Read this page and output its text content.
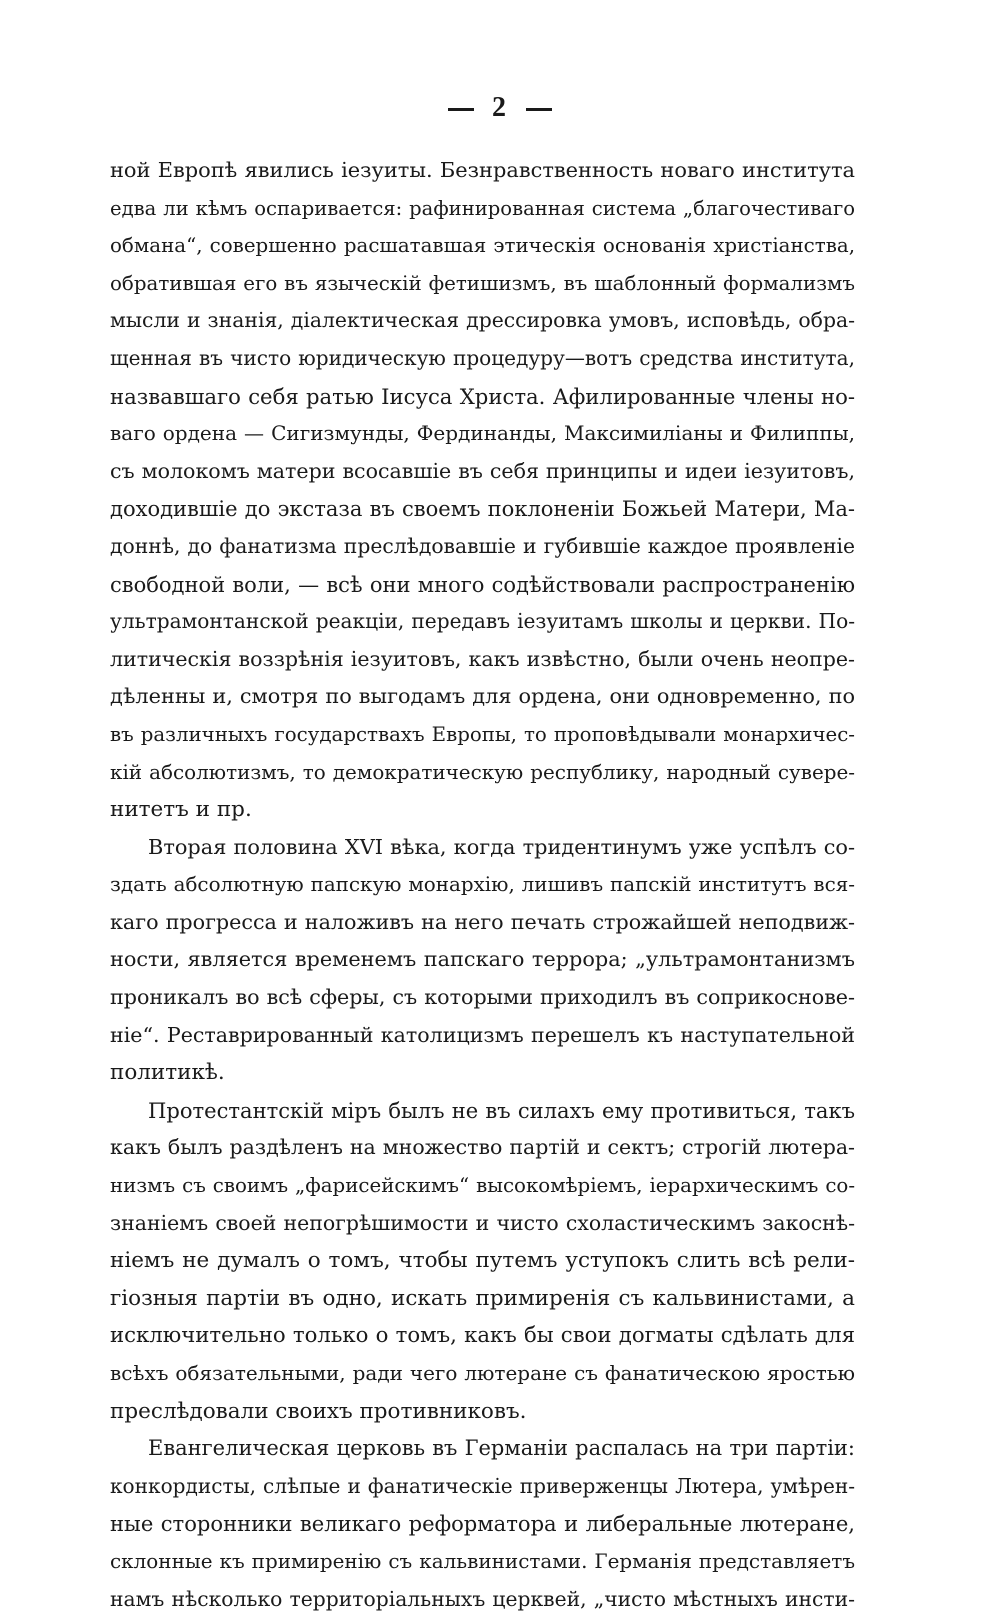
2
ной Европѣ явились іезуиты. Безнравственность новаго института
едва ли кѣмъ оспаривается: рафинированная система „благочестиваго
обмана“, совершенно расшатавшая этическія основанія христіанства,
обратившая его въ языческій фетишизмъ, въ шаблонный формализмъ
мысли и знанія, діалектическая дрессировка умовъ, исповѣдь, обра-
щенная въ чисто юридическую процедуру—вотъ средства института,
назвавшаго себя ратью Іисуса Христа. Афилированные члены но-
ваго ордена — Сигизмунды, Фердинанды, Максимиліаны и Филиппы,
съ молокомъ матери всосавшіе въ себя принципы и идеи іезуитовъ,
доходившіе до экстаза въ своемъ поклоненіи Божьей Матери, Ма-
доннѣ, до фанатизма преслѣдовавшіе и губившіе каждое проявленіе
свободной воли, — всѣ они много содѣйствовали распространенію
ультрамонтанской реакціи, передавъ іезуитамъ школы и церкви. По-
литическія воззрѣнія іезуитовъ, какъ извѣстно, были очень неопре-
дѣленны и, смотря по выгодамъ для ордена, они одновременно, по
въ различныхъ государствахъ Европы, то проповѣдывали монархичес-
кій абсолютизмъ, то демократическую республику, народный сувере-
нитетъ и пр.
Вторая половина XVI вѣка, когда тридентинумъ уже успѣлъ со-
здать абсолютную папскую монархію, лишивъ папскій институтъ вся-
каго прогресса и наложивъ на него печать строжайшей неподвиж-
ности, является временемъ папскаго террора; „ультрамонтанизмъ
проникалъ во всѣ сферы, съ которыми приходилъ въ соприкоснове-
ніе“. Реставрированный католицизмъ перешелъ къ наступательной
политикѣ.
Протестантскій міръ былъ не въ силахъ ему противиться, такъ
какъ былъ раздѣленъ на множество партій и сектъ; строгій лютера-
низмъ съ своимъ „фарисейскимъ“ высокомѣріемъ, іерархическимъ со-
знаніемъ своей непогрѣшимости и чисто схоластическимъ закоснѣ-
ніемъ не думалъ о томъ, чтобы путемъ уступокъ слить всѣ рели-
гіозныя партіи въ одно, искать примиренія съ кальвинистами, а
исключительно только о томъ, какъ бы свои догматы сдѣлать для
всѣхъ обязательными, ради чего лютеране съ фанатическою яростью
преслѣдовали своихъ противниковъ.
Евангелическая церковь въ Германіи распалась на три партіи:
конкордисты, слѣпые и фанатическіе приверженцы Лютера, умѣрен-
ные сторонники великаго реформатора и либеральные лютеране,
склонные къ примиренію съ кальвинистами. Германія представляетъ
намъ нѣсколько территоріальныхъ церквей, „чисто мѣстныхъ инсти-
